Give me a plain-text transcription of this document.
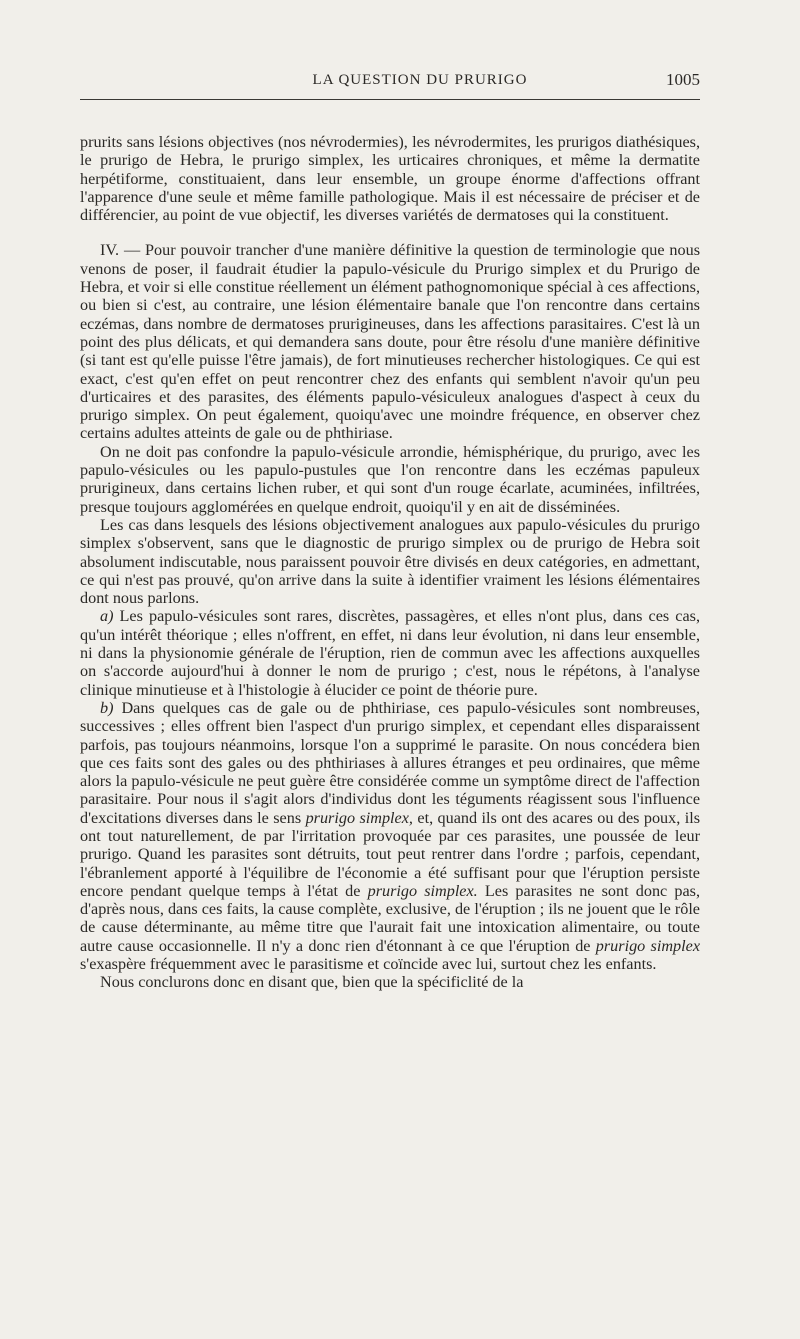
LA QUESTION DU PRURIGO	1005

prurits sans lésions objectives (nos névrodermies), les névrodermites, les prurigos diathésiques, le prurigo de Hebra, le prurigo simplex, les urticaires chroniques, et même la dermatite herpétiforme, constituaient, dans leur ensemble, un groupe énorme d'affections offrant l'apparence d'une seule et même famille pathologique. Mais il est nécessaire de préciser et de différencier, au point de vue objectif, les diverses variétés de dermatoses qui la constituent.

IV. — Pour pouvoir trancher d'une manière définitive la question de terminologie que nous venons de poser, il faudrait étudier la papulo-vésicule du Prurigo simplex et du Prurigo de Hebra, et voir si elle constitue réellement un élément pathognomonique spécial à ces affections, ou bien si c'est, au contraire, une lésion élémentaire banale que l'on rencontre dans certains eczémas, dans nombre de dermatoses prurigineuses, dans les affections parasitaires. C'est là un point des plus délicats, et qui demandera sans doute, pour être résolu d'une manière définitive (si tant est qu'elle puisse l'être jamais), de fort minutieuses rechercher histologiques. Ce qui est exact, c'est qu'en effet on peut rencontrer chez des enfants qui semblent n'avoir qu'un peu d'urticaires et des parasites, des éléments papulo-vésiculeux analogues d'aspect à ceux du prurigo simplex. On peut également, quoiqu'avec une moindre fréquence, en observer chez certains adultes atteints de gale ou de phthiriase.

On ne doit pas confondre la papulo-vésicule arrondie, hémisphérique, du prurigo, avec les papulo-vésicules ou les papulo-pustules que l'on rencontre dans les eczémas papuleux prurigineux, dans certains lichen ruber, et qui sont d'un rouge écarlate, acuminées, infiltrées, presque toujours agglomérées en quelque endroit, quoiqu'il y en ait de disséminées.

Les cas dans lesquels des lésions objectivement analogues aux papulo-vésicules du prurigo simplex s'observent, sans que le diagnostic de prurigo simplex ou de prurigo de Hebra soit absolument indiscutable, nous paraissent pouvoir être divisés en deux catégories, en admettant, ce qui n'est pas prouvé, qu'on arrive dans la suite à identifier vraiment les lésions élémentaires dont nous parlons.

a) Les papulo-vésicules sont rares, discrètes, passagères, et elles n'ont plus, dans ces cas, qu'un intérêt théorique ; elles n'offrent, en effet, ni dans leur évolution, ni dans leur ensemble, ni dans la physionomie générale de l'éruption, rien de commun avec les affections auxquelles on s'accorde aujourd'hui à donner le nom de prurigo ; c'est, nous le répétons, à l'analyse clinique minutieuse et à l'histologie à élucider ce point de théorie pure.

b) Dans quelques cas de gale ou de phthiriase, ces papulo-vésicules sont nombreuses, successives ; elles offrent bien l'aspect d'un prurigo simplex, et cependant elles disparaissent parfois, pas toujours néanmoins, lorsque l'on a supprimé le parasite. On nous concédera bien que ces faits sont des gales ou des phthiriases à allures étranges et peu ordinaires, que même alors la papulo-vésicule ne peut guère être considérée comme un symptôme direct de l'affection parasitaire. Pour nous il s'agit alors d'individus dont les téguments réagissent sous l'influence d'excitations diverses dans le sens prurigo simplex, et, quand ils ont des acares ou des poux, ils ont tout naturellement, de par l'irritation provoquée par ces parasites, une poussée de leur prurigo. Quand les parasites sont détruits, tout peut rentrer dans l'ordre ; parfois, cependant, l'ébranlement apporté à l'équilibre de l'économie a été suffisant pour que l'éruption persiste encore pendant quelque temps à l'état de prurigo simplex. Les parasites ne sont donc pas, d'après nous, dans ces faits, la cause complète, exclusive, de l'éruption ; ils ne jouent que le rôle de cause déterminante, au même titre que l'aurait fait une intoxication alimentaire, ou toute autre cause occasionnelle. Il n'y a donc rien d'étonnant à ce que l'éruption de prurigo simplex s'exaspère fréquemment avec le parasitisme et coïncide avec lui, surtout chez les enfants.

Nous conclurons donc en disant que, bien que la spécificlité de la
